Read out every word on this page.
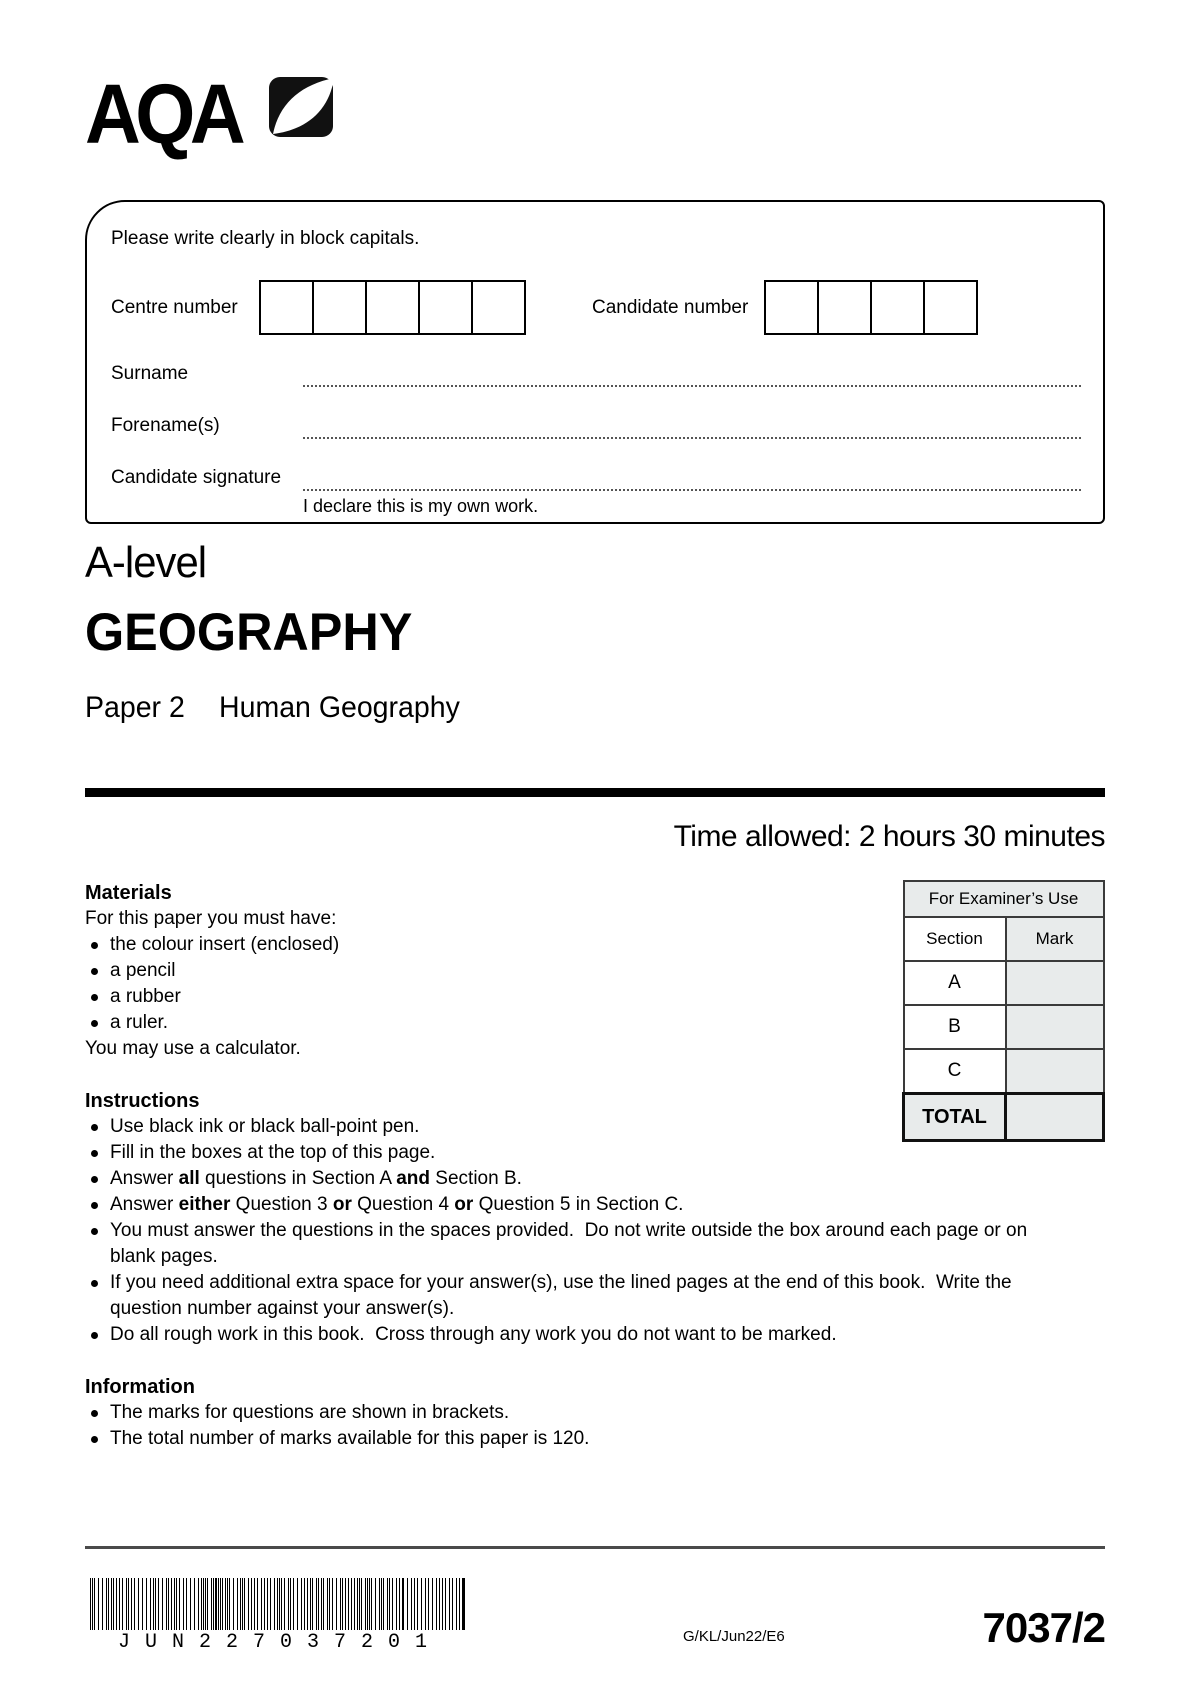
AQA
Please write clearly in block capitals.
Centre number	Candidate number
Surname
Forename(s)
Candidate signature
I declare this is my own work.
A-level
GEOGRAPHY
Paper 2 Human Geography
Time allowed: 2 hours 30 minutes
For Examiner’s Use	
Section	Mark
A	
B	
C	
TOTAL	
Materials
For this paper you must have:
the colour insert (enclosed)
a pencil
a rubber
a ruler.
You may use a calculator.
Instructions
Use black ink or black ball-point pen.
Fill in the boxes at the top of this page.
Answer all questions in Section A and Section B.
Answer either Question 3 or Question 4 or Question 5 in Section C.
You must answer the questions in the spaces provided.  Do not write outside the box around each page or on blank pages.
If you need additional extra space for your answer(s), use the lined pages at the end of this book.  Write the question number against your answer(s).
Do all rough work in this book.  Cross through any work you do not want to be marked.
Information
The marks for questions are shown in brackets.
The total number of marks available for this paper is 120.
JUN227037201	G/KL/Jun22/E6	7037/2
